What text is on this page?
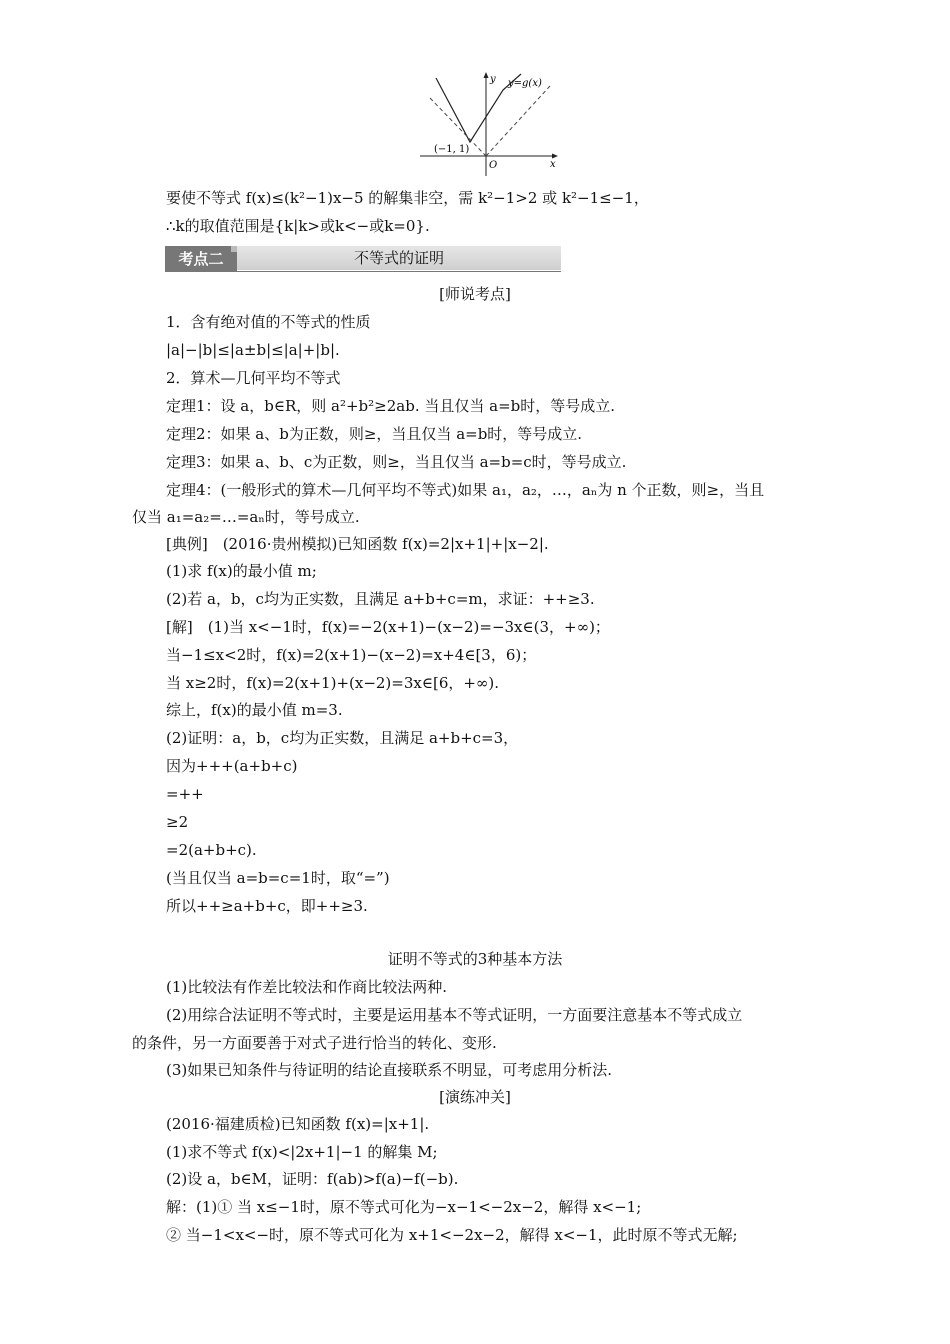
y
x
O
y=g(x)
(−1, 1)
要使不等式 f(x)≤(k²−1)x−5 的解集非空，需 k²−1>2 或 k²−1≤−1，
∴k的取值范围是{k|k>或k<−或k=0}.
考点二	不等式的证明
[师说考点]
1．含有绝对值的不等式的性质
|a|−|b|≤|a±b|≤|a|+|b|.
2．算术—几何平均不等式
定理1：设 a，b∈R，则 a²+b²≥2ab. 当且仅当 a=b时，等号成立.
定理2：如果 a、b为正数，则≥，当且仅当 a=b时，等号成立.
定理3：如果 a、b、c为正数，则≥，当且仅当 a=b=c时，等号成立.
定理4：(一般形式的算术—几何平均不等式)如果 a₁，a₂，…，aₙ为 n 个正数，则≥，当且
仅当 a₁=a₂=…=aₙ时，等号成立.
[典例]　(2016·贵州模拟)已知函数 f(x)=2|x+1|+|x−2|.
(1)求 f(x)的最小值 m;
(2)若 a，b，c均为正实数，且满足 a+b+c=m，求证：++≥3.
[解]　(1)当 x<−1时，f(x)=−2(x+1)−(x−2)=−3x∈(3，+∞)；
当−1≤x<2时，f(x)=2(x+1)−(x−2)=x+4∈[3，6)；
当 x≥2时，f(x)=2(x+1)+(x−2)=3x∈[6，+∞).
综上，f(x)的最小值 m=3.
(2)证明：a，b，c均为正实数，且满足 a+b+c=3，
因为+++(a+b+c)
=++
≥2
=2(a+b+c).
(当且仅当 a=b=c=1时，取“=”)
所以++≥a+b+c，即++≥3.
证明不等式的3种基本方法
(1)比较法有作差比较法和作商比较法两种.
(2)用综合法证明不等式时，主要是运用基本不等式证明，一方面要注意基本不等式成立
的条件，另一方面要善于对式子进行恰当的转化、变形.
(3)如果已知条件与待证明的结论直接联系不明显，可考虑用分析法.
[演练冲关]
(2016·福建质检)已知函数 f(x)=|x+1|.
(1)求不等式 f(x)<|2x+1|−1 的解集 M;
(2)设 a，b∈M，证明：f(ab)>f(a)−f(−b).
解：(1)① 当 x≤−1时，原不等式可化为−x−1<−2x−2，解得 x<−1;
② 当−1<x<−时，原不等式可化为 x+1<−2x−2，解得 x<−1，此时原不等式无解;
